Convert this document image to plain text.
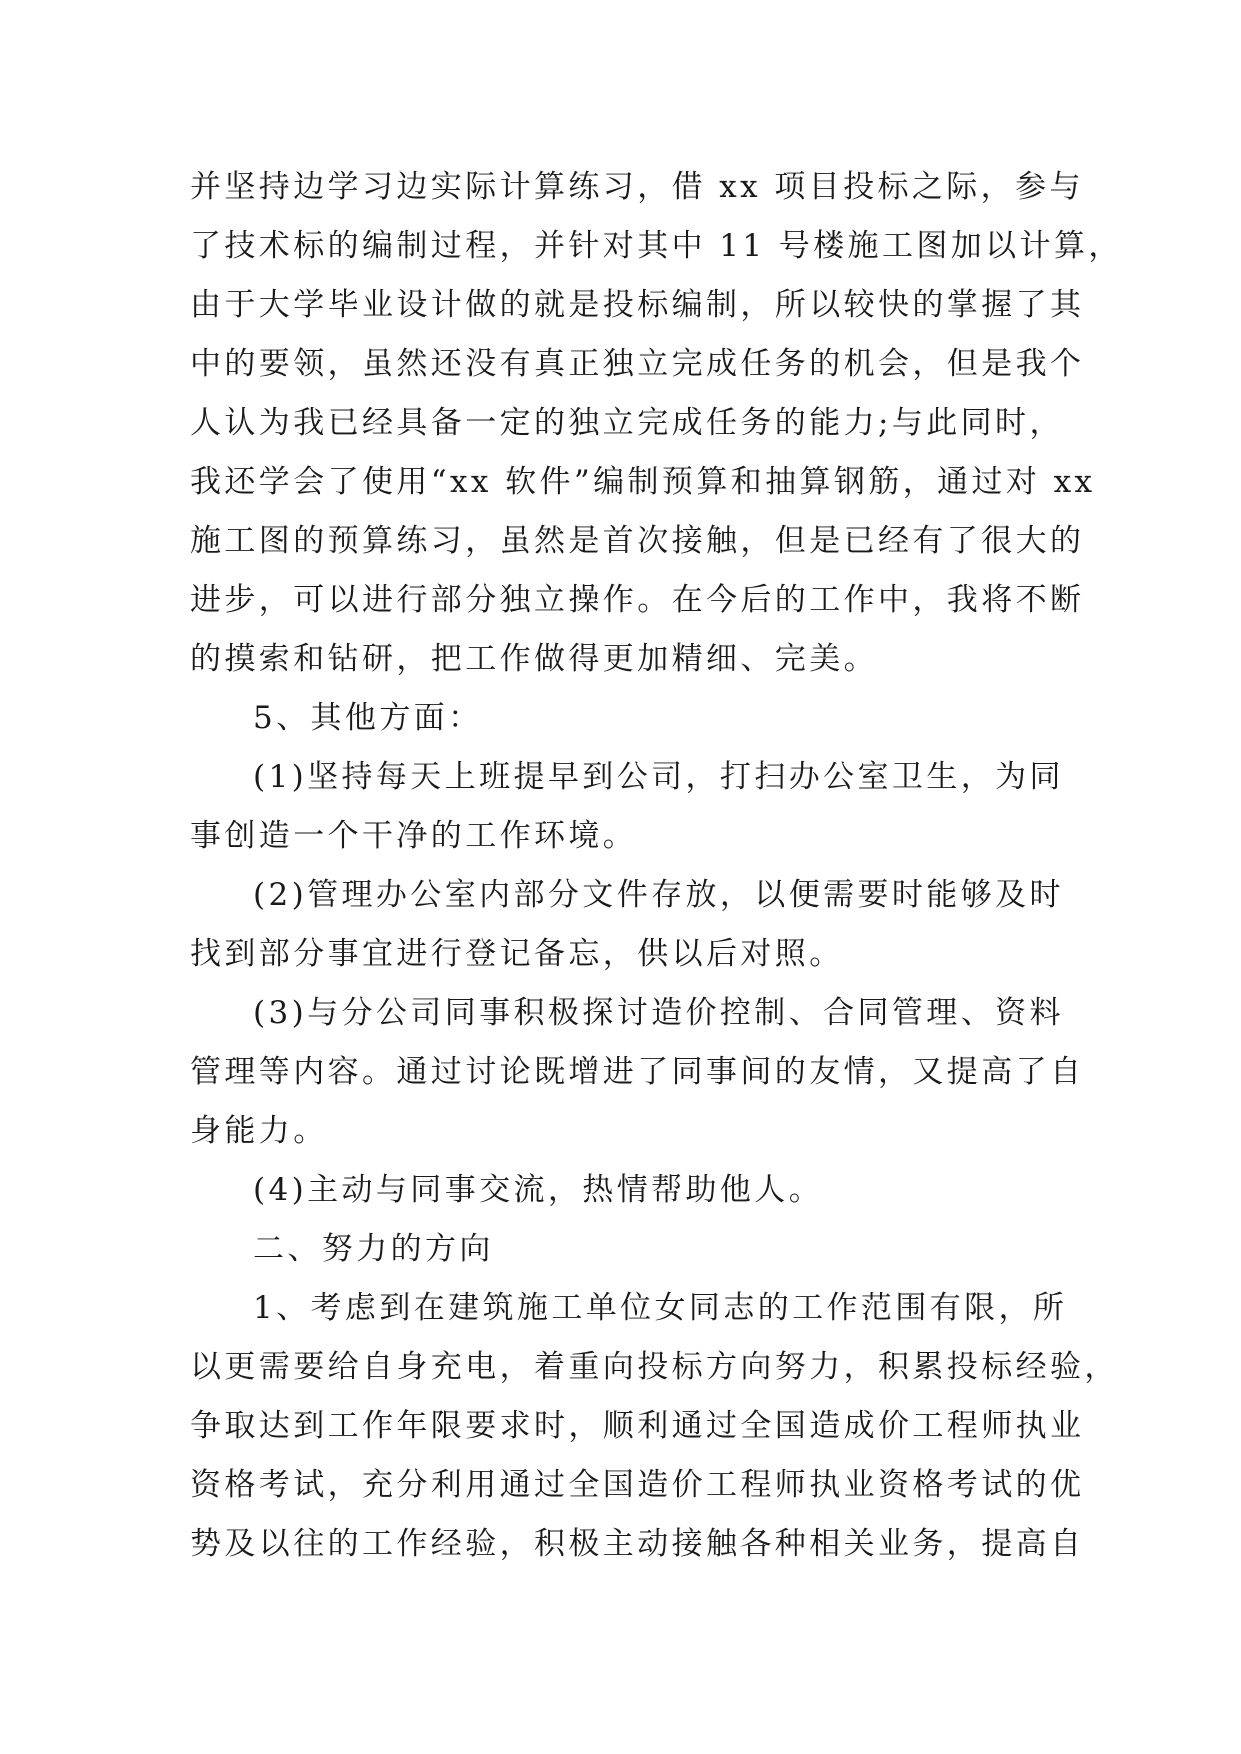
并坚持边学习边实际计算练习，借 xx 项目投标之际，参与
了技术标的编制过程，并针对其中 11 号楼施工图加以计算，
由于大学毕业设计做的就是投标编制，所以较快的掌握了其
中的要领，虽然还没有真正独立完成任务的机会，但是我个
人认为我已经具备一定的独立完成任务的能力;与此同时，
我还学会了使用“xx 软件”编制预算和抽算钢筋，通过对 xx
施工图的预算练习，虽然是首次接触，但是已经有了很大的
进步，可以进行部分独立操作。在今后的工作中，我将不断
的摸索和钻研，把工作做得更加精细、完美。
5、其他方面：
(1)坚持每天上班提早到公司，打扫办公室卫生，为同
事创造一个干净的工作环境。
(2)管理办公室内部分文件存放，以便需要时能够及时
找到部分事宜进行登记备忘，供以后对照。
(3)与分公司同事积极探讨造价控制、合同管理、资料
管理等内容。通过讨论既增进了同事间的友情，又提高了自
身能力。
(4)主动与同事交流，热情帮助他人。
二、努力的方向
1、考虑到在建筑施工单位女同志的工作范围有限，所
以更需要给自身充电，着重向投标方向努力，积累投标经验，
争取达到工作年限要求时，顺利通过全国造成价工程师执业
资格考试，充分利用通过全国造价工程师执业资格考试的优
势及以往的工作经验，积极主动接触各种相关业务，提高自
